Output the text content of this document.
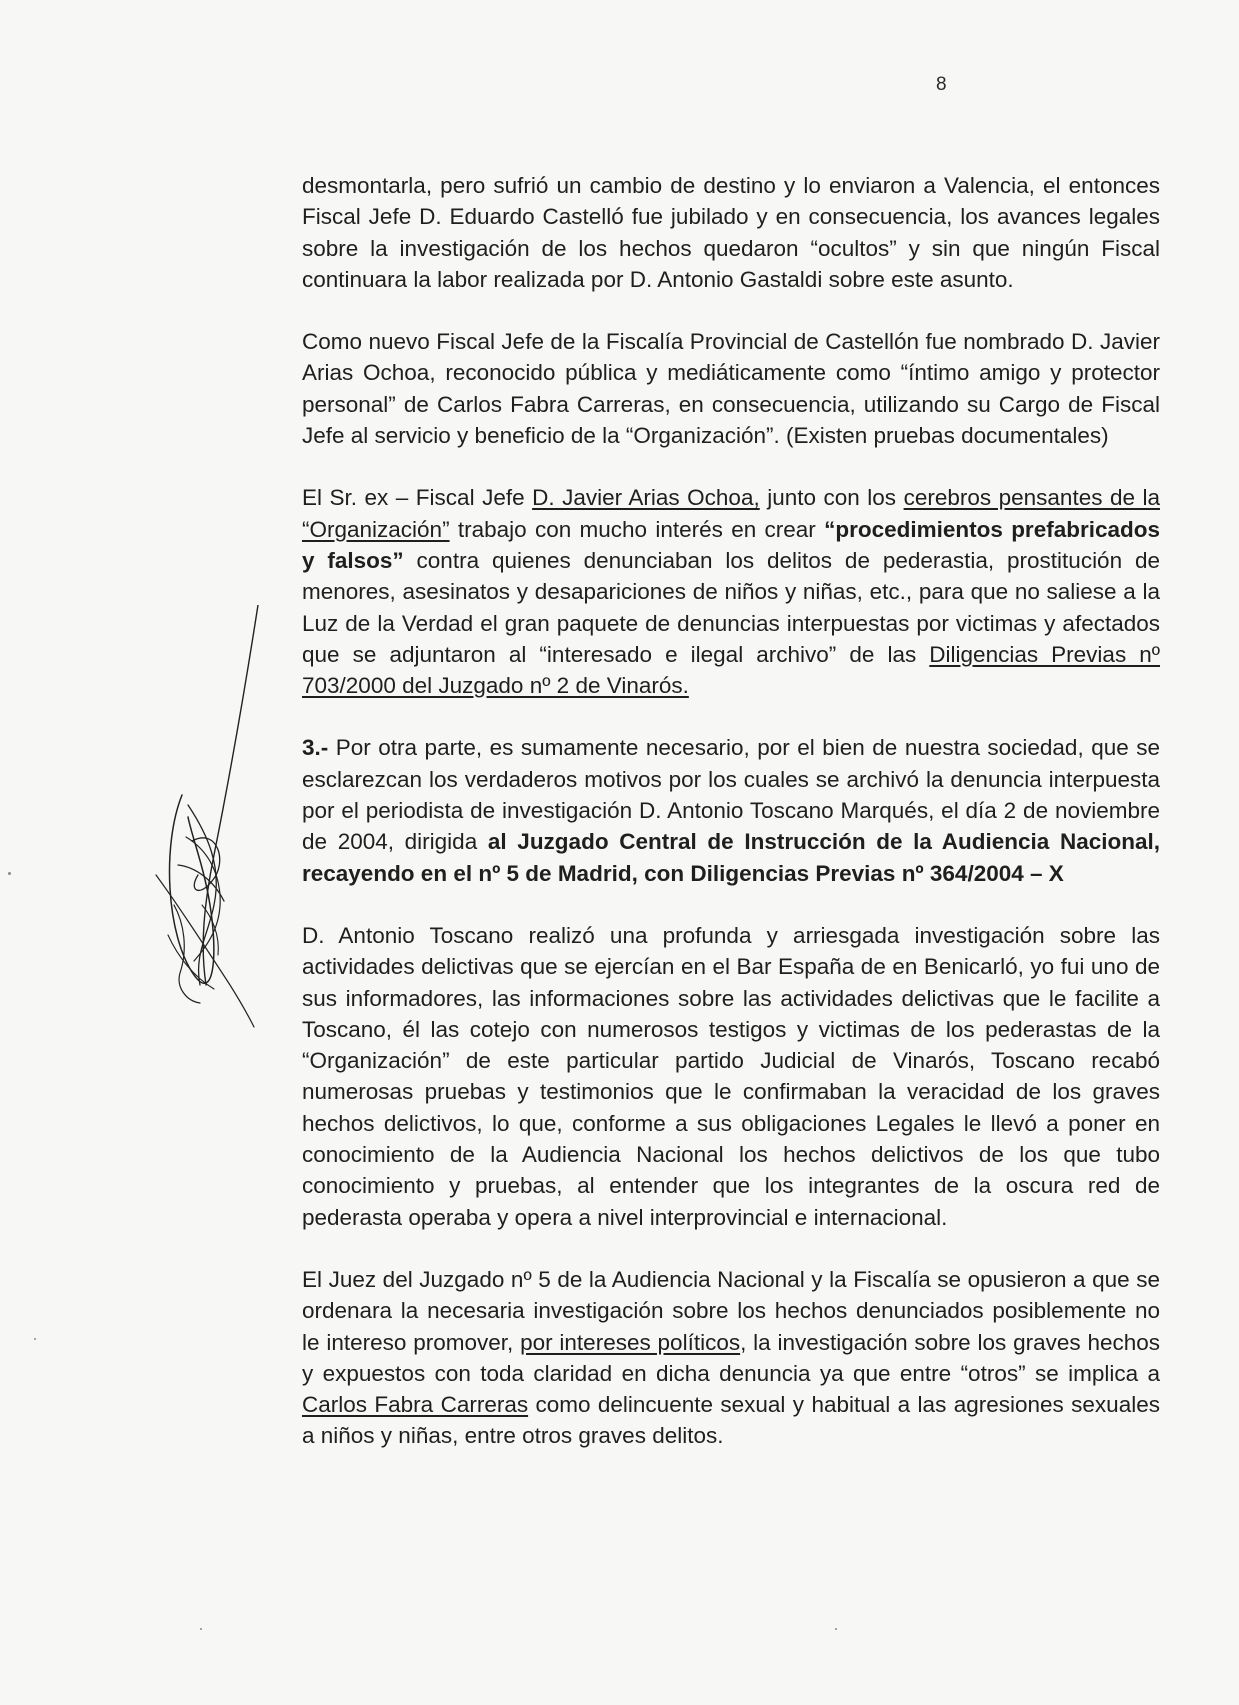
8

desmontarla, pero sufrió un cambio de destino y lo enviaron a Valencia, el entonces Fiscal Jefe D. Eduardo Castelló fue jubilado y en consecuencia, los avances legales sobre la investigación de los hechos quedaron “ocultos” y sin que ningún Fiscal continuara la labor realizada por D. Antonio Gastaldi sobre este asunto.

Como nuevo Fiscal Jefe de la Fiscalía Provincial de Castellón fue nombrado D. Javier Arias Ochoa, reconocido pública y mediáticamente como “íntimo amigo y protector personal” de Carlos Fabra Carreras, en consecuencia, utilizando su Cargo de Fiscal Jefe al servicio y beneficio de la “Organización”. (Existen pruebas documentales)

El Sr. ex – Fiscal Jefe D. Javier Arias Ochoa, junto con los cerebros pensantes de la “Organización” trabajo con mucho interés en crear “procedimientos prefabricados y falsos” contra quienes denunciaban los delitos de pederastia, prostitución de menores, asesinatos y desapariciones de niños y niñas, etc., para que no saliese a la Luz de la Verdad el gran paquete de denuncias interpuestas por victimas y afectados que se adjuntaron al “interesado e ilegal archivo” de las Diligencias Previas nº 703/2000 del Juzgado nº 2 de Vinarós.

3.- Por otra parte, es sumamente necesario, por el bien de nuestra sociedad, que se esclarezcan los verdaderos motivos por los cuales se archivó la denuncia interpuesta por el periodista de investigación D. Antonio Toscano Marqués, el día 2 de noviembre de 2004, dirigida al Juzgado Central de Instrucción de la Audiencia Nacional, recayendo en el nº 5 de Madrid, con Diligencias Previas nº 364/2004 – X

D. Antonio Toscano realizó una profunda y arriesgada investigación sobre las actividades delictivas que se ejercían en el Bar España de en Benicarló, yo fui uno de sus informadores, las informaciones sobre las actividades delictivas que le facilite a Toscano, él las cotejo con numerosos testigos y victimas de los pederastas de la “Organización” de este particular partido Judicial de Vinarós, Toscano recabó numerosas pruebas y testimonios que le confirmaban la veracidad de los graves hechos delictivos, lo que, conforme a sus obligaciones Legales le llevó a poner en conocimiento de la Audiencia Nacional los hechos delictivos de los que tubo conocimiento y pruebas, al entender que los integrantes de la oscura red de pederasta operaba y opera a nivel interprovincial e internacional.

El Juez del Juzgado nº 5 de la Audiencia Nacional y la Fiscalía se opusieron a que se ordenara la necesaria investigación sobre los hechos denunciados posiblemente no le intereso promover, por intereses políticos, la investigación sobre los graves hechos y expuestos con toda claridad en dicha denuncia ya que entre “otros” se implica a Carlos Fabra Carreras como delincuente sexual y habitual a las agresiones sexuales a niños y niñas, entre otros graves delitos.
